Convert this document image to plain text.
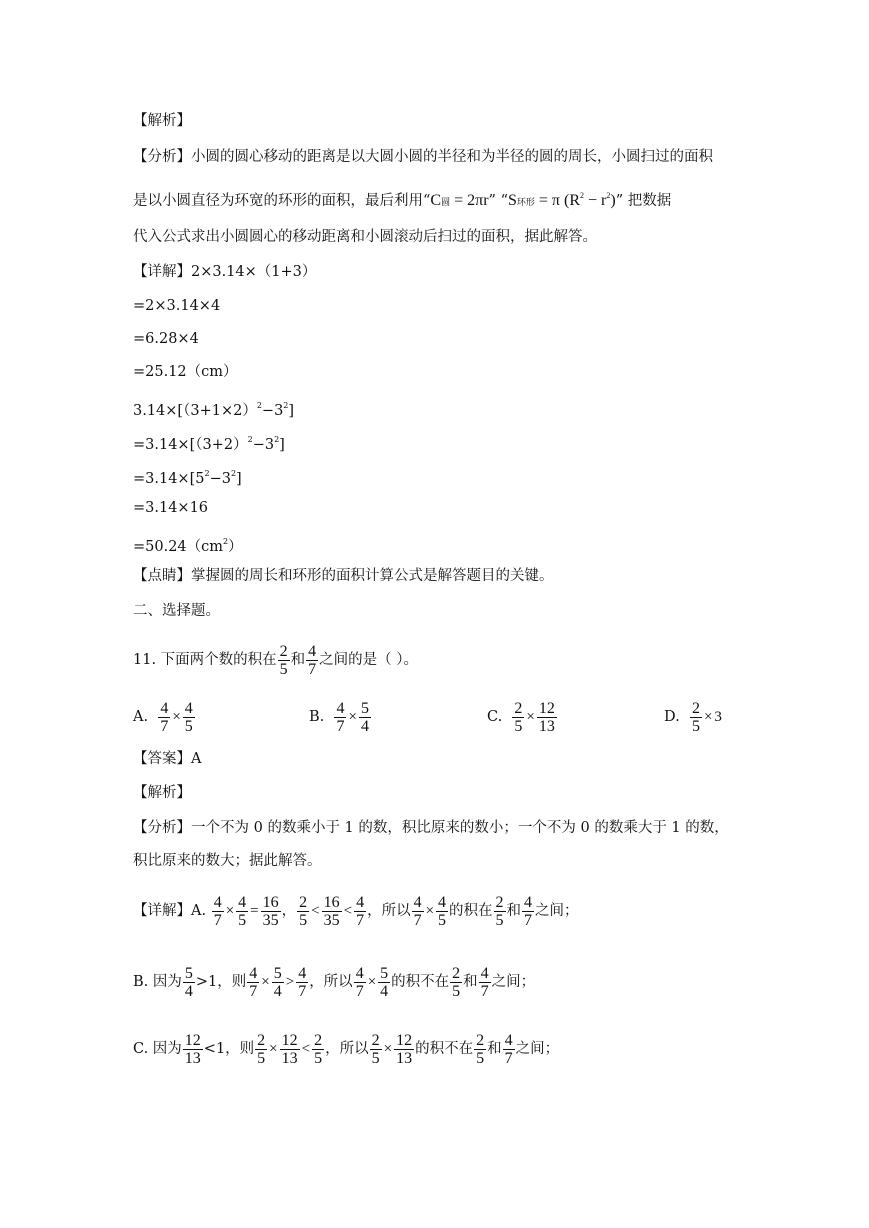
【解析】
【分析】小圆的圆心移动的距离是以大圆小圆的半径和为半径的圆的周长，小圆扫过的面积
是以小圆直径为环宽的环形的面积，最后利用“C圆 = 2πr” “S环形 = π $(R^2 - r^2)$” 把数据
代入公式求出小圆圆心的移动距离和小圆滚动后扫过的面积，据此解答。
【详解】2×3.14×（1+3）
=2×3.14×4
=6.28×4
=25.12（cm）
$3.14\times[(3+1\times 2)^2-3^2]$
$=3.14\times[(3+2)^2-3^2]$
$=3.14\times[5^2-3^2]$
=3.14×16
$=50.24(cm^2)$
【点睛】掌握圆的周长和环形的面积计算公式是解答题目的关键。
二、选择题。
11. 下面两个数的积在 $\frac{2}{5}$ 和 $\frac{4}{7}$ 之间的是（ ）。
A. $\frac{4}{7} \times \frac{4}{5}$	B. $\frac{4}{7} \times \frac{5}{4}$	C. $\frac{2}{5} \times \frac{12}{13}$	D. $\frac{2}{5} \times 3$
【答案】A
【解析】
【分析】一个不为 0 的数乘小于 1 的数，积比原来的数小；一个不为 0 的数乘大于 1 的数，
积比原来的数大；据此解答。
【详解】A. $\frac{4}{7} \times \frac{4}{5} = \frac{16}{35}$ ， $\frac{2}{5} < \frac{16}{35} < \frac{4}{7}$ ，所以 $\frac{4}{7} \times \frac{4}{5}$ 的积在 $\frac{2}{5}$ 和 $\frac{4}{7}$ 之间；
B. 因为 $\frac{5}{4} >1$，则 $\frac{4}{7} \times \frac{5}{4} > \frac{4}{7}$ ，所以 $\frac{4}{7} \times \frac{5}{4}$ 的积不在 $\frac{2}{5}$ 和 $\frac{4}{7}$ 之间；
C. 因为 $\frac{12}{13} <1$，则 $\frac{2}{5} \times \frac{12}{13} < \frac{2}{5}$ ，所以 $\frac{2}{5} \times \frac{12}{13}$ 的积不在 $\frac{2}{5}$ 和 $\frac{4}{7}$ 之间；
